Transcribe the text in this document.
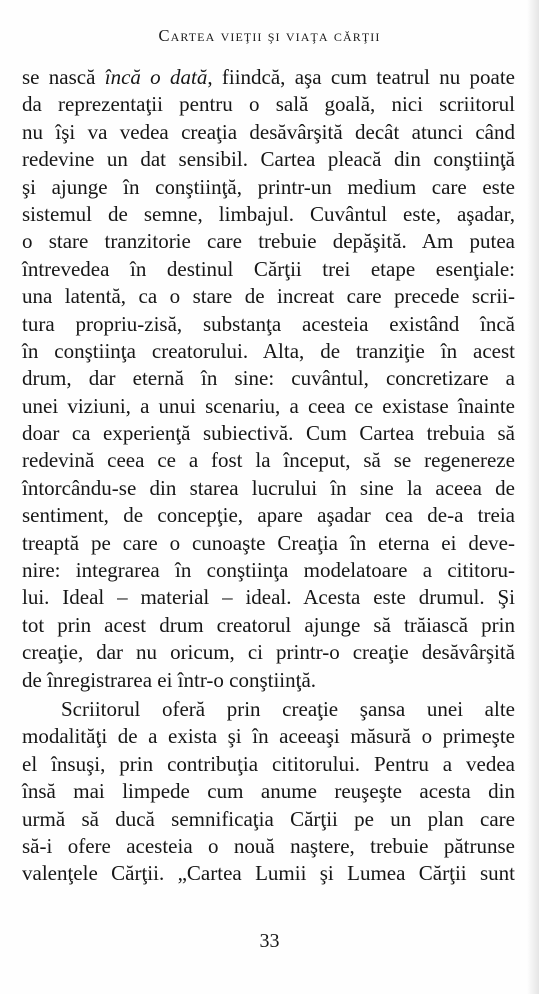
Cartea vieţii şi viaţa cărţii
se nască încă o dată, fiindcă, aşa cum teatrul nu poate
da reprezentaţii pentru o sală goală, nici scriitorul
nu îşi va vedea creaţia desăvârşită decât atunci când
redevine un dat sensibil. Cartea pleacă din conştiinţă
şi ajunge în conştiinţă, printr-un medium care este
sistemul de semne, limbajul. Cuvântul este, aşadar,
o stare tranzitorie care trebuie depăşită. Am putea
întrevedea în destinul Cărţii trei etape esenţiale:
una latentă, ca o stare de increat care precede scrii-
tura propriu-zisă, substanţa acesteia existând încă
în conştiinţa creatorului. Alta, de tranziţie în acest
drum, dar eternă în sine: cuvântul, concretizare a
unei viziuni, a unui scenariu, a ceea ce existase înainte
doar ca experienţă subiectivă. Cum Cartea trebuia să
redevină ceea ce a fost la început, să se regenereze
întorcându-se din starea lucrului în sine la aceea de
sentiment, de concepţie, apare aşadar cea de-a treia
treaptă pe care o cunoaşte Creaţia în eterna ei deve-
nire: integrarea în conştiinţa modelatoare a cititoru-
lui. Ideal – material – ideal. Acesta este drumul. Şi
tot prin acest drum creatorul ajunge să trăiască prin
creaţie, dar nu oricum, ci printr-o creaţie desăvârşită
de înregistrarea ei într-o conştiinţă.
Scriitorul oferă prin creaţie şansa unei alte
modalităţi de a exista şi în aceeaşi măsură o primeşte
el însuşi, prin contribuţia cititorului. Pentru a vedea
însă mai limpede cum anume reuşeşte acesta din
urmă să ducă semnificaţia Cărţii pe un plan care
să-i ofere acesteia o nouă naştere, trebuie pătrunse
valenţele Cărţii. „Cartea Lumii şi Lumea Cărţii sunt
33
